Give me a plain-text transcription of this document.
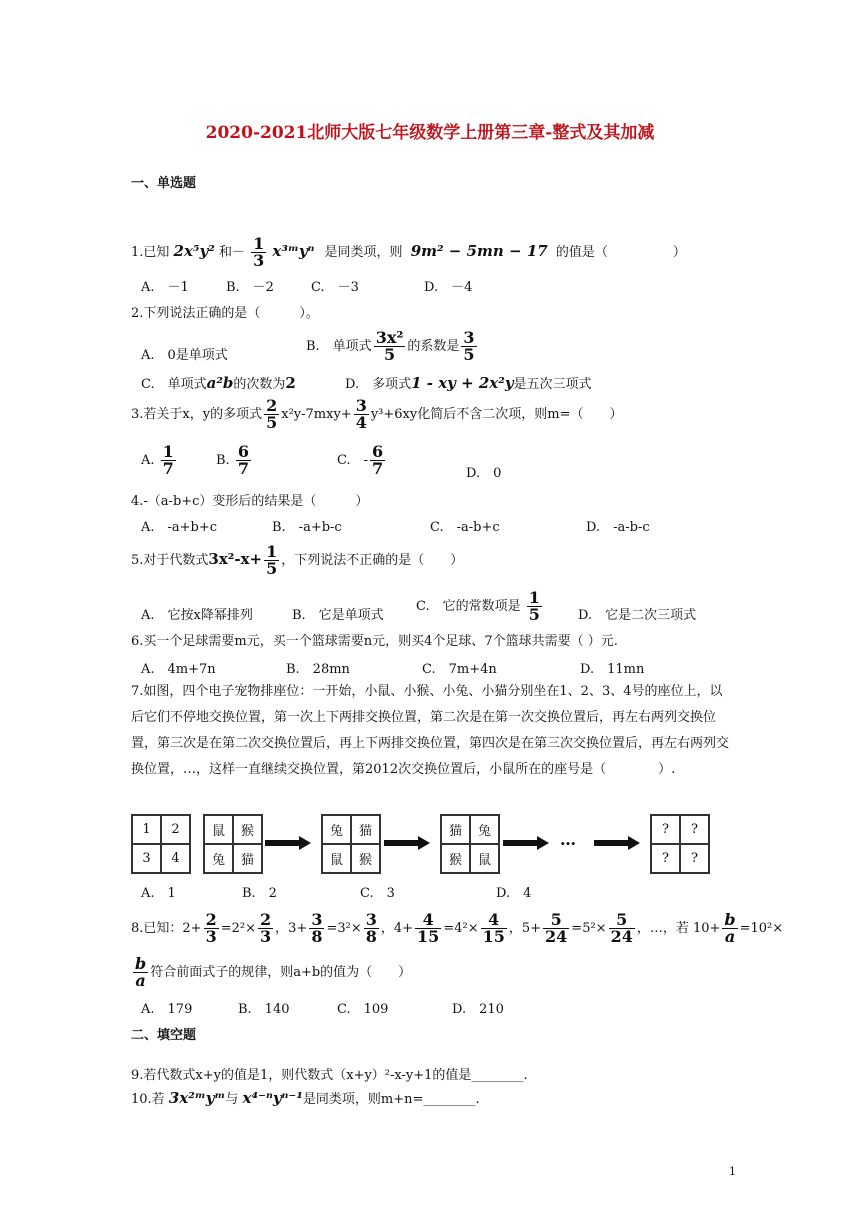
2020-2021北师大版七年级数学上册第三章-整式及其加减
一、单选题
1.已知 2x⁵y² 和－ $\frac{1}{3}$ x³ᵐyⁿ 是同类项，则 9m² − 5mn − 17 的值是（　　　　　）
A.　－1	B.　－2	C.　－3	D.　－4
2.下列说法正确的是（　　　）。
A.　0是单项式
B.　单项式 $\frac{\text{3x²}}{5}$ 的系数是 $\frac{3}{5}$
C.　单项式a²b的次数为2	D.　多项式1 - xy + 2x²y是五次三项式
3.若关于x，y的多项式 $\frac{2}{5} x^2y-7mxy+ \frac{3}{4} y^3+6xy$化简后不含二次项，则m=（　　）
A. $\frac{1}{7}$	B. $\frac{6}{7}$	C.　- $\frac{6}{7}$	D.　0
4.-（a-b+c）变形后的结果是（　　　）
A.　-a+b+c	B.　-a+b-c	C.　-a-b+c	D.　-a-b-c
5.对于代数式$3x^2-x+ \frac{1}{5}$ ，下列说法不正确的是（　　）
A.　它按x降幂排列	B.　它是单项式
C.　它的常数项是 $\frac{1}{5}$	D.　它是二次三项式
6.买一个足球需要m元，买一个篮球需要n元，则买4个足球、7个篮球共需要（ ）元.
A.　4m+7n	B.　28mn	C.　7m+4n	D.　11mn
7.如图，四个电子宠物排座位：一开始，小鼠、小猴、小兔、小猫分别坐在1、2、3、4号的座位上，以后它们不停地交换位置，第一次上下两排交换位置，第二次是在第一次交换位置后，再左右两列交换位置，第三次是在第二次交换位置后，再上下两排交换位置，第四次是在第三次交换位置后，再左右两列交换位置，…，这样一直继续交换位置，第2012次交换位置后，小鼠所在的座号是（　　　　）.
1	2
3	4
鼠	猴
兔	猫
兔	猫
鼠	猴
猫	兔
猴	鼠
…
?	?
?	?
A.　1	B.　2	C.　3	D.　4
8.已知：$2+ \frac{2}{3} =2^2\times \frac{2}{3}$ ，$3+ \frac{3}{8} =3^2\times \frac{3}{8}$ ，$4+ \frac{4}{15} =4^2\times \frac{4}{15}$ ，$5+ \frac{5}{24} =5^2\times \frac{5}{24}$ ，…，若 $10+ \frac{b}{a} =10^2\times$
$\frac{b}{a}$ 符合前面式子的规律，则a+b的值为（　　）
A.　179	B.　140	C.　109	D.　210
二、填空题
9.若代数式x+y的值是1，则代数式（x+y）²-x-y+1的值是________.
10.若 3x²ᵐyᵐ与 x⁴⁻ⁿyⁿ⁻¹是同类项，则m+n=________.
1
